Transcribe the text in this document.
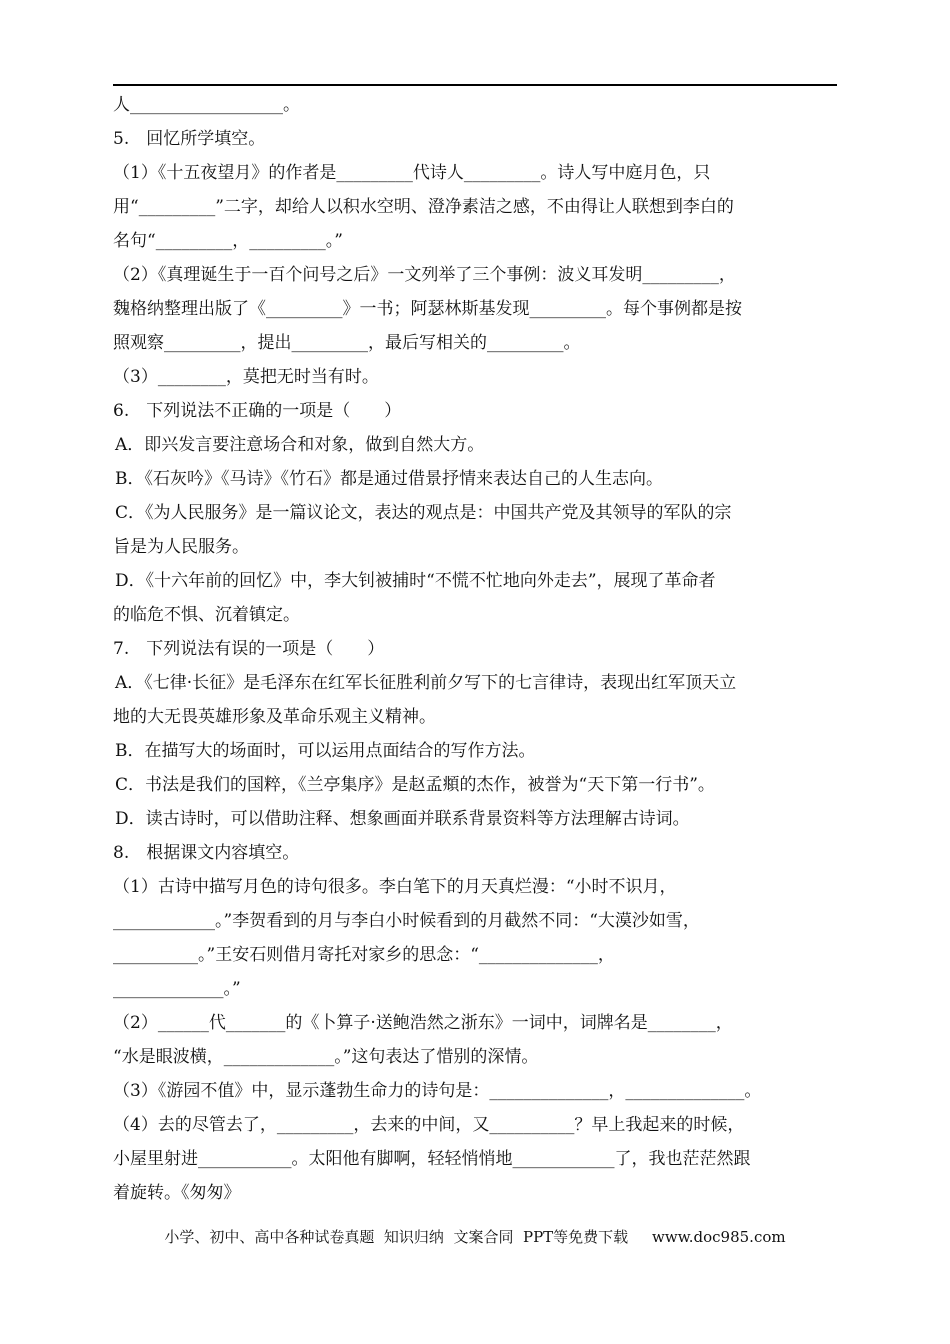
人__________________。
5.　回忆所学填空。
（1）《十五夜望月》的作者是_________代诗人_________。诗人写中庭月色，只
用“_________”二字，却给人以积水空明、澄净素洁之感，不由得让人联想到李白的
名句“_________，_________。”
（2）《真理诞生于一百个问号之后》一文列举了三个事例：波义耳发明_________，
魏格纳整理出版了《_________》一书；阿瑟林斯基发现_________。每个事例都是按
照观察_________，提出_________，最后写相关的_________。
（3）________，莫把无时当有时。
6.　下列说法不正确的一项是（　　）
A．即兴发言要注意场合和对象，做到自然大方。
B．《石灰吟》《马诗》《竹石》都是通过借景抒情来表达自己的人生志向。
C．《为人民服务》是一篇议论文，表达的观点是：中国共产党及其领导的军队的宗
旨是为人民服务。
D．《十六年前的回忆》中，李大钊被捕时“不慌不忙地向外走去”，展现了革命者
的临危不惧、沉着镇定。
7.　下列说法有误的一项是（　　）
A．《七律·长征》是毛泽东在红军长征胜利前夕写下的七言律诗，表现出红军顶天立
地的大无畏英雄形象及革命乐观主义精神。
B．在描写大的场面时，可以运用点面结合的写作方法。
C．书法是我们的国粹，《兰亭集序》是赵孟頫的杰作，被誉为“天下第一行书”。
D．读古诗时，可以借助注释、想象画面并联系背景资料等方法理解古诗词。
8.　根据课文内容填空。
（1）古诗中描写月色的诗句很多。李白笔下的月天真烂漫：“小时不识月，
____________。”李贺看到的月与李白小时候看到的月截然不同：“大漠沙如雪，
__________。”王安石则借月寄托对家乡的思念：“______________，
_____________。”
（2）______代_______的《卜算子·送鲍浩然之浙东》一词中，词牌名是________，
“水是眼波横，_____________。”这句表达了惜别的深情。
（3）《游园不值》中，显示蓬勃生命力的诗句是：______________，______________。
（4）去的尽管去了，_________，去来的中间，又__________？早上我起来的时候，
小屋里射进___________。太阳他有脚啊，轻轻悄悄地____________了，我也茫茫然跟
着旋转。《匆匆》
小学、初中、高中各种试卷真题  知识归纳  文案合同  PPT等免费下载     www.doc985.com
